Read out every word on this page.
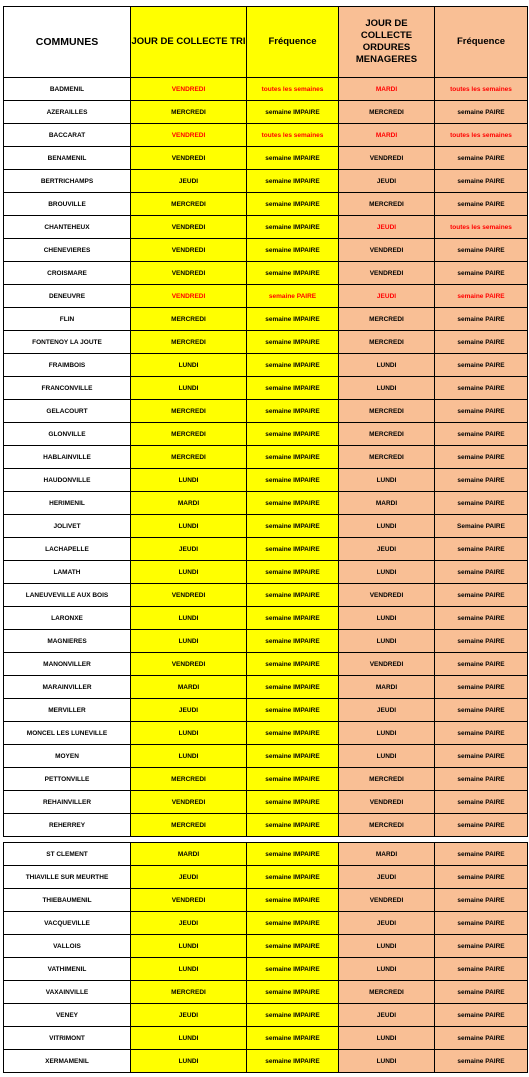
COMMUNES	JOUR DE COLLECTE TRI	Fréquence	JOUR DE COLLECTE ORDURES MENAGERES	Fréquence
BADMENIL	VENDREDI	toutes les semaines	MARDI	toutes les semaines
AZERAILLES	MERCREDI	semaine IMPAIRE	MERCREDI	semaine PAIRE
BACCARAT	VENDREDI	toutes les semaines	MARDI	toutes les semaines
BENAMENIL	VENDREDI	semaine IMPAIRE	VENDREDI	semaine PAIRE
BERTRICHAMPS	JEUDI	semaine IMPAIRE	JEUDI	semaine PAIRE
BROUVILLE	MERCREDI	semaine IMPAIRE	MERCREDI	semaine PAIRE
CHANTEHEUX	VENDREDI	semaine IMPAIRE	JEUDI	toutes les semaines
CHENEVIERES	VENDREDI	semaine IMPAIRE	VENDREDI	semaine PAIRE
CROISMARE	VENDREDI	semaine IMPAIRE	VENDREDI	semaine PAIRE
DENEUVRE	VENDREDI	semaine PAIRE	JEUDI	semaine PAIRE
FLIN	MERCREDI	semaine IMPAIRE	MERCREDI	semaine PAIRE
FONTENOY LA JOUTE	MERCREDI	semaine IMPAIRE	MERCREDI	semaine PAIRE
FRAIMBOIS	LUNDI	semaine IMPAIRE	LUNDI	semaine PAIRE
FRANCONVILLE	LUNDI	semaine IMPAIRE	LUNDI	semaine PAIRE
GELACOURT	MERCREDI	semaine IMPAIRE	MERCREDI	semaine PAIRE
GLONVILLE	MERCREDI	semaine IMPAIRE	MERCREDI	semaine PAIRE
HABLAINVILLE	MERCREDI	semaine IMPAIRE	MERCREDI	semaine PAIRE
HAUDONVILLE	LUNDI	semaine IMPAIRE	LUNDI	semaine PAIRE
HERIMENIL	MARDI	semaine IMPAIRE	MARDI	semaine PAIRE
JOLIVET	LUNDI	semaine IMPAIRE	LUNDI	Semaine PAIRE
LACHAPELLE	JEUDI	semaine IMPAIRE	JEUDI	semaine PAIRE
LAMATH	LUNDI	semaine IMPAIRE	LUNDI	semaine PAIRE
LANEUVEVILLE AUX BOIS	VENDREDI	semaine IMPAIRE	VENDREDI	semaine PAIRE
LARONXE	LUNDI	semaine IMPAIRE	LUNDI	semaine PAIRE
MAGNIERES	LUNDI	semaine IMPAIRE	LUNDI	semaine PAIRE
MANONVILLER	VENDREDI	semaine IMPAIRE	VENDREDI	semaine PAIRE
MARAINVILLER	MARDI	semaine IMPAIRE	MARDI	semaine PAIRE
MERVILLER	JEUDI	semaine IMPAIRE	JEUDI	semaine PAIRE
MONCEL LES LUNEVILLE	LUNDI	semaine IMPAIRE	LUNDI	semaine PAIRE
MOYEN	LUNDI	semaine IMPAIRE	LUNDI	semaine PAIRE
PETTONVILLE	MERCREDI	semaine IMPAIRE	MERCREDI	semaine PAIRE
REHAINVILLER	VENDREDI	semaine IMPAIRE	VENDREDI	semaine PAIRE
REHERREY	MERCREDI	semaine IMPAIRE	MERCREDI	semaine PAIRE
ST CLEMENT	MARDI	semaine IMPAIRE	MARDI	semaine PAIRE
THIAVILLE SUR MEURTHE	JEUDI	semaine IMPAIRE	JEUDI	semaine PAIRE
THIEBAUMENIL	VENDREDI	semaine IMPAIRE	VENDREDI	semaine PAIRE
VACQUEVILLE	JEUDI	semaine IMPAIRE	JEUDI	semaine PAIRE
VALLOIS	LUNDI	semaine IMPAIRE	LUNDI	semaine PAIRE
VATHIMENIL	LUNDI	semaine IMPAIRE	LUNDI	semaine PAIRE
VAXAINVILLE	MERCREDI	semaine IMPAIRE	MERCREDI	semaine PAIRE
VENEY	JEUDI	semaine IMPAIRE	JEUDI	semaine PAIRE
VITRIMONT	LUNDI	semaine IMPAIRE	LUNDI	semaine PAIRE
XERMAMENIL	LUNDI	semaine IMPAIRE	LUNDI	semaine PAIRE
